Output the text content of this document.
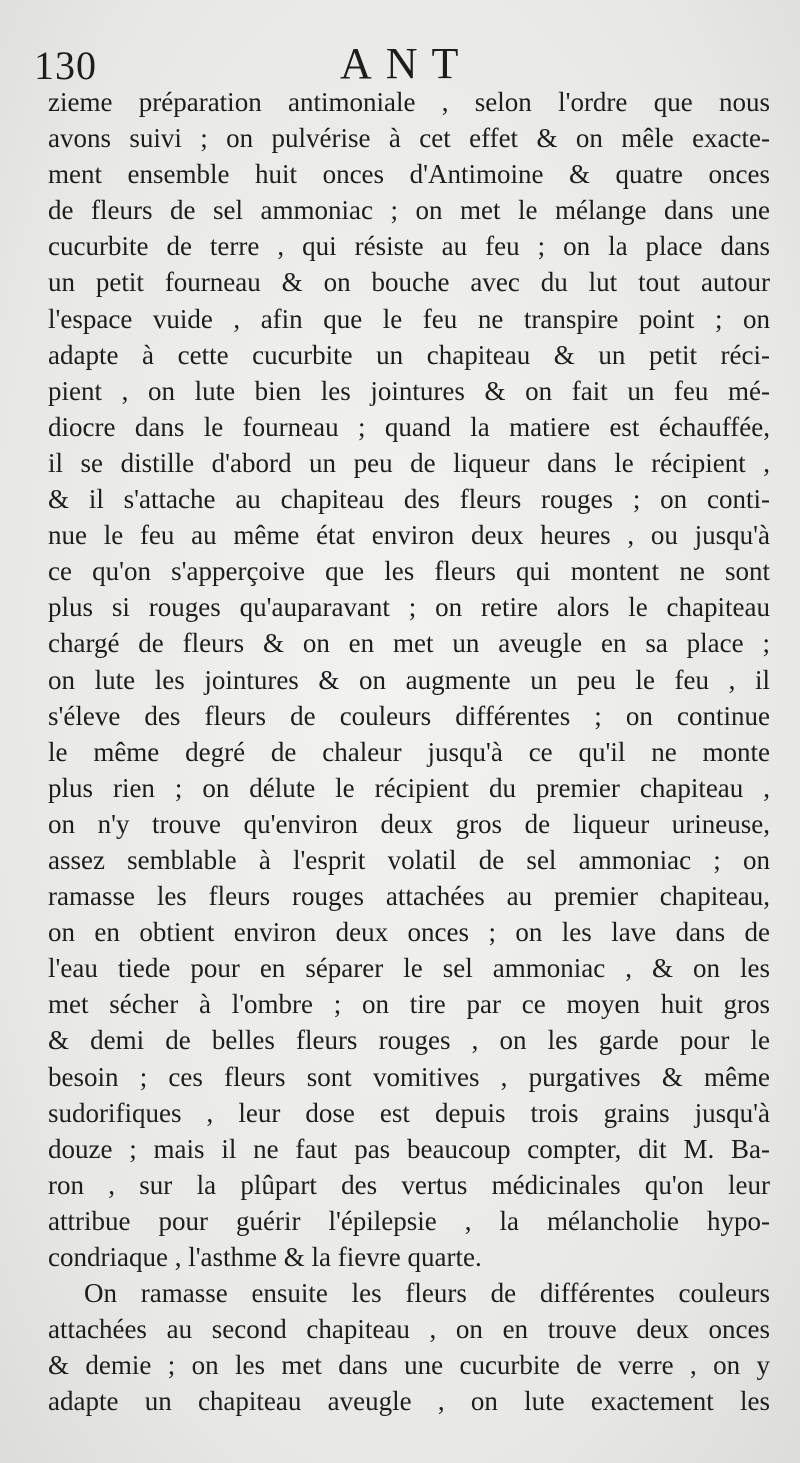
130	ANT
zieme préparation antimoniale , selon l'ordre que nous
avons suivi ; on pulvérise à cet effet & on mêle exacte-
ment ensemble huit onces d'Antimoine & quatre onces
de fleurs de sel ammoniac ; on met le mélange dans une
cucurbite de terre , qui résiste au feu ; on la place dans
un petit fourneau & on bouche avec du lut tout autour
l'espace vuide , afin que le feu ne transpire point ; on
adapte à cette cucurbite un chapiteau & un petit réci-
pient , on lute bien les jointures & on fait un feu mé-
diocre dans le fourneau ; quand la matiere est échauffée,
il se distille d'abord un peu de liqueur dans le récipient ,
& il s'attache au chapiteau des fleurs rouges ; on conti-
nue le feu au même état environ deux heures , ou jusqu'à
ce qu'on s'apperçoive que les fleurs qui montent ne sont
plus si rouges qu'auparavant ; on retire alors le chapiteau
chargé de fleurs & on en met un aveugle en sa place ;
on lute les jointures & on augmente un peu le feu , il
s'éleve des fleurs de couleurs différentes ; on continue
le même degré de chaleur jusqu'à ce qu'il ne monte
plus rien ; on délute le récipient du premier chapiteau ,
on n'y trouve qu'environ deux gros de liqueur urineuse,
assez semblable à l'esprit volatil de sel ammoniac ; on
ramasse les fleurs rouges attachées au premier chapiteau,
on en obtient environ deux onces ; on les lave dans de
l'eau tiede pour en séparer le sel ammoniac , & on les
met sécher à l'ombre ; on tire par ce moyen huit gros
& demi de belles fleurs rouges , on les garde pour le
besoin ; ces fleurs sont vomitives , purgatives & même
sudorifiques , leur dose est depuis trois grains jusqu'à
douze ; mais il ne faut pas beaucoup compter, dit M. Ba-
ron , sur la plûpart des vertus médicinales qu'on leur
attribue pour guérir l'épilepsie , la mélancholie hypo-
condriaque , l'asthme & la fievre quarte.
On ramasse ensuite les fleurs de différentes couleurs
attachées au second chapiteau , on en trouve deux onces
& demie ; on les met dans une cucurbite de verre , on y
adapte un chapiteau aveugle , on lute exactement les
